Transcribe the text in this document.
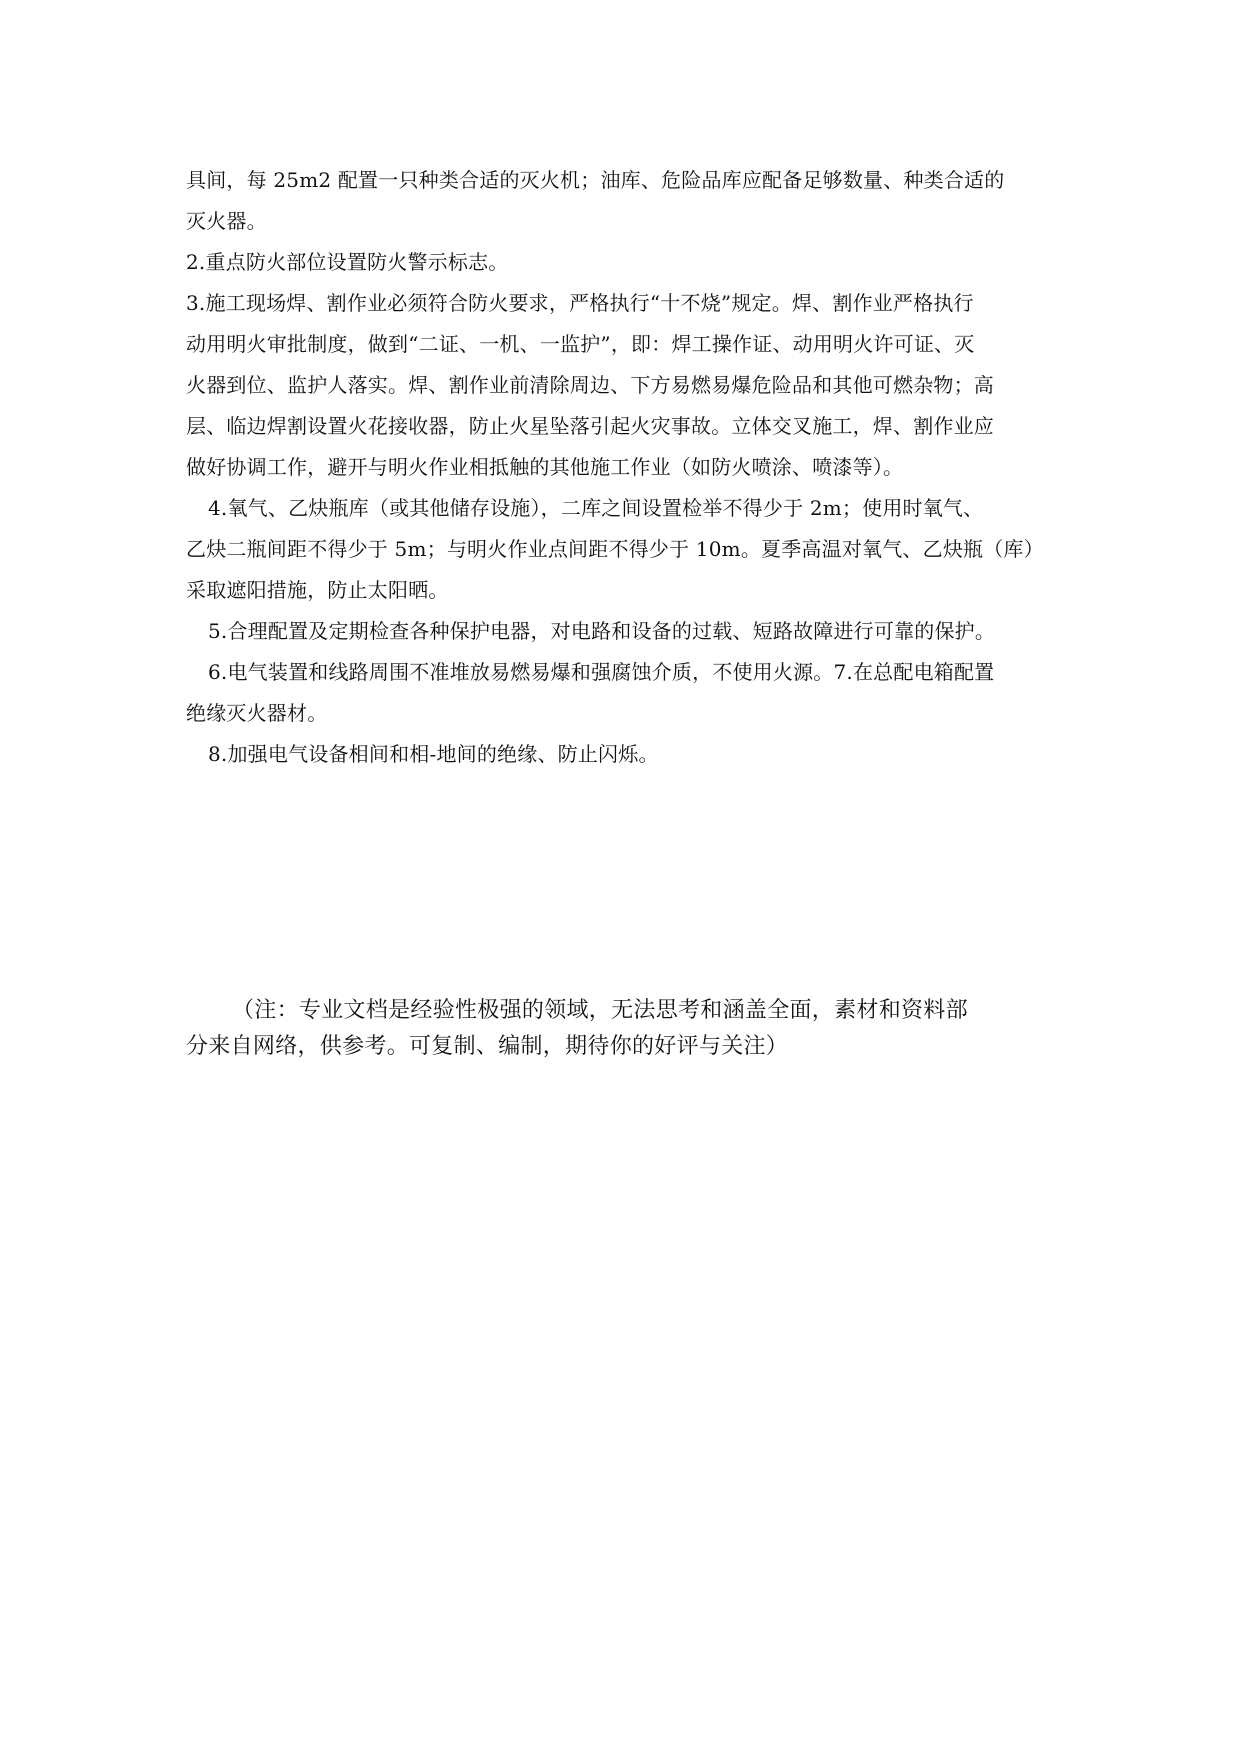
具间，每 25m2 配置一只种类合适的灭火机；油库、危险品库应配备足够数量、种类合适的
灭火器。
2.重点防火部位设置防火警示标志。
3.施工现场焊、割作业必须符合防火要求，严格执行“十不烧”规定。焊、割作业严格执行
动用明火审批制度，做到“二证、一机、一监护”，即：焊工操作证、动用明火许可证、灭
火器到位、监护人落实。焊、割作业前清除周边、下方易燃易爆危险品和其他可燃杂物；高
层、临边焊割设置火花接收器，防止火星坠落引起火灾事故。立体交叉施工，焊、割作业应
做好协调工作，避开与明火作业相抵触的其他施工作业（如防火喷涂、喷漆等）。
4.氧气、乙炔瓶库（或其他储存设施），二库之间设置检举不得少于 2m；使用时氧气、
乙炔二瓶间距不得少于 5m；与明火作业点间距不得少于 10m。夏季高温对氧气、乙炔瓶（库）
采取遮阳措施，防止太阳晒。
5.合理配置及定期检查各种保护电器，对电路和设备的过载、短路故障进行可靠的保护。
6.电气装置和线路周围不准堆放易燃易爆和强腐蚀介质，不使用火源。7.在总配电箱配置
绝缘灭火器材。
8.加强电气设备相间和相-地间的绝缘、防止闪烁。
（注：专业文档是经验性极强的领域，无法思考和涵盖全面，素材和资料部
分来自网络，供参考。可复制、编制，期待你的好评与关注）
